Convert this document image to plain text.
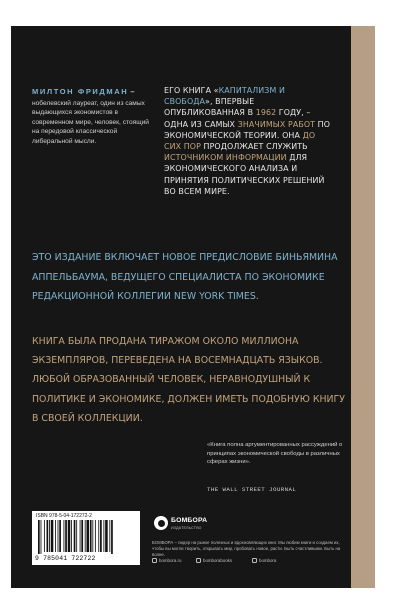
МИЛТОН ФРИДМАН –
нобелевский лауреат, один из самых выдающихся экономистов в современном мире, человек, стоящий на передовой классической либеральной мысли.
ЕГО КНИГА «КАПИТАЛИЗМ И СВОБОДА», ВПЕРВЫЕ ОПУБЛИКОВАННАЯ В 1962 ГОДУ, – ОДНА ИЗ САМЫХ ЗНАЧИМЫХ РАБОТ ПО ЭКОНОМИЧЕСКОЙ ТЕОРИИ. ОНА ДО СИХ ПОР ПРОДОЛЖАЕТ СЛУЖИТЬ ИСТОЧНИКОМ ИНФОРМАЦИИ ДЛЯ ЭКОНОМИЧЕСКОГО АНАЛИЗА И ПРИНЯТИЯ ПОЛИТИЧЕСКИХ РЕШЕНИЙ ВО ВСЕМ МИРЕ.
ЭТО ИЗДАНИЕ ВКЛЮЧАЕТ НОВОЕ ПРЕДИСЛОВИЕ БИНЬЯМИНА АППЕЛЬБАУМА, ВЕДУЩЕГО СПЕЦИАЛИСТА ПО ЭКОНОМИКЕ РЕДАКЦИОННОЙ КОЛЛЕГИИ NEW YORK TIMES.
КНИГА БЫЛА ПРОДАНА ТИРАЖОМ ОКОЛО МИЛЛИОНА ЭКЗЕМПЛЯРОВ, ПЕРЕВЕДЕНА НА ВОСЕМНАДЦАТЬ ЯЗЫКОВ. ЛЮБОЙ ОБРАЗОВАННЫЙ ЧЕЛОВЕК, НЕРАВНОДУШНЫЙ К ПОЛИТИКЕ И ЭКОНОМИКЕ, ДОЛЖЕН ИМЕТЬ ПОДОБНУЮ КНИГУ В СВОЕЙ КОЛЛЕКЦИИ.
«Книга полна аргументированных рассуждений о принципах экономической свободы в различных сферах жизни».
THE WALL STREET JOURNAL
ISBN 978-5-04-172272-2
9 785041 722722
БОМБОРА
ИЗДАТЕЛЬСТВО
БОМБОРА – лидер на рынке полезных и вдохновляющих книг. Мы любим книги и создаем их, чтобы вы могли творить, открывать мир, пробовать новое, расти. Быть счастливыми. Быть на волне.
bombora.ru	bomborabooks	bombora
